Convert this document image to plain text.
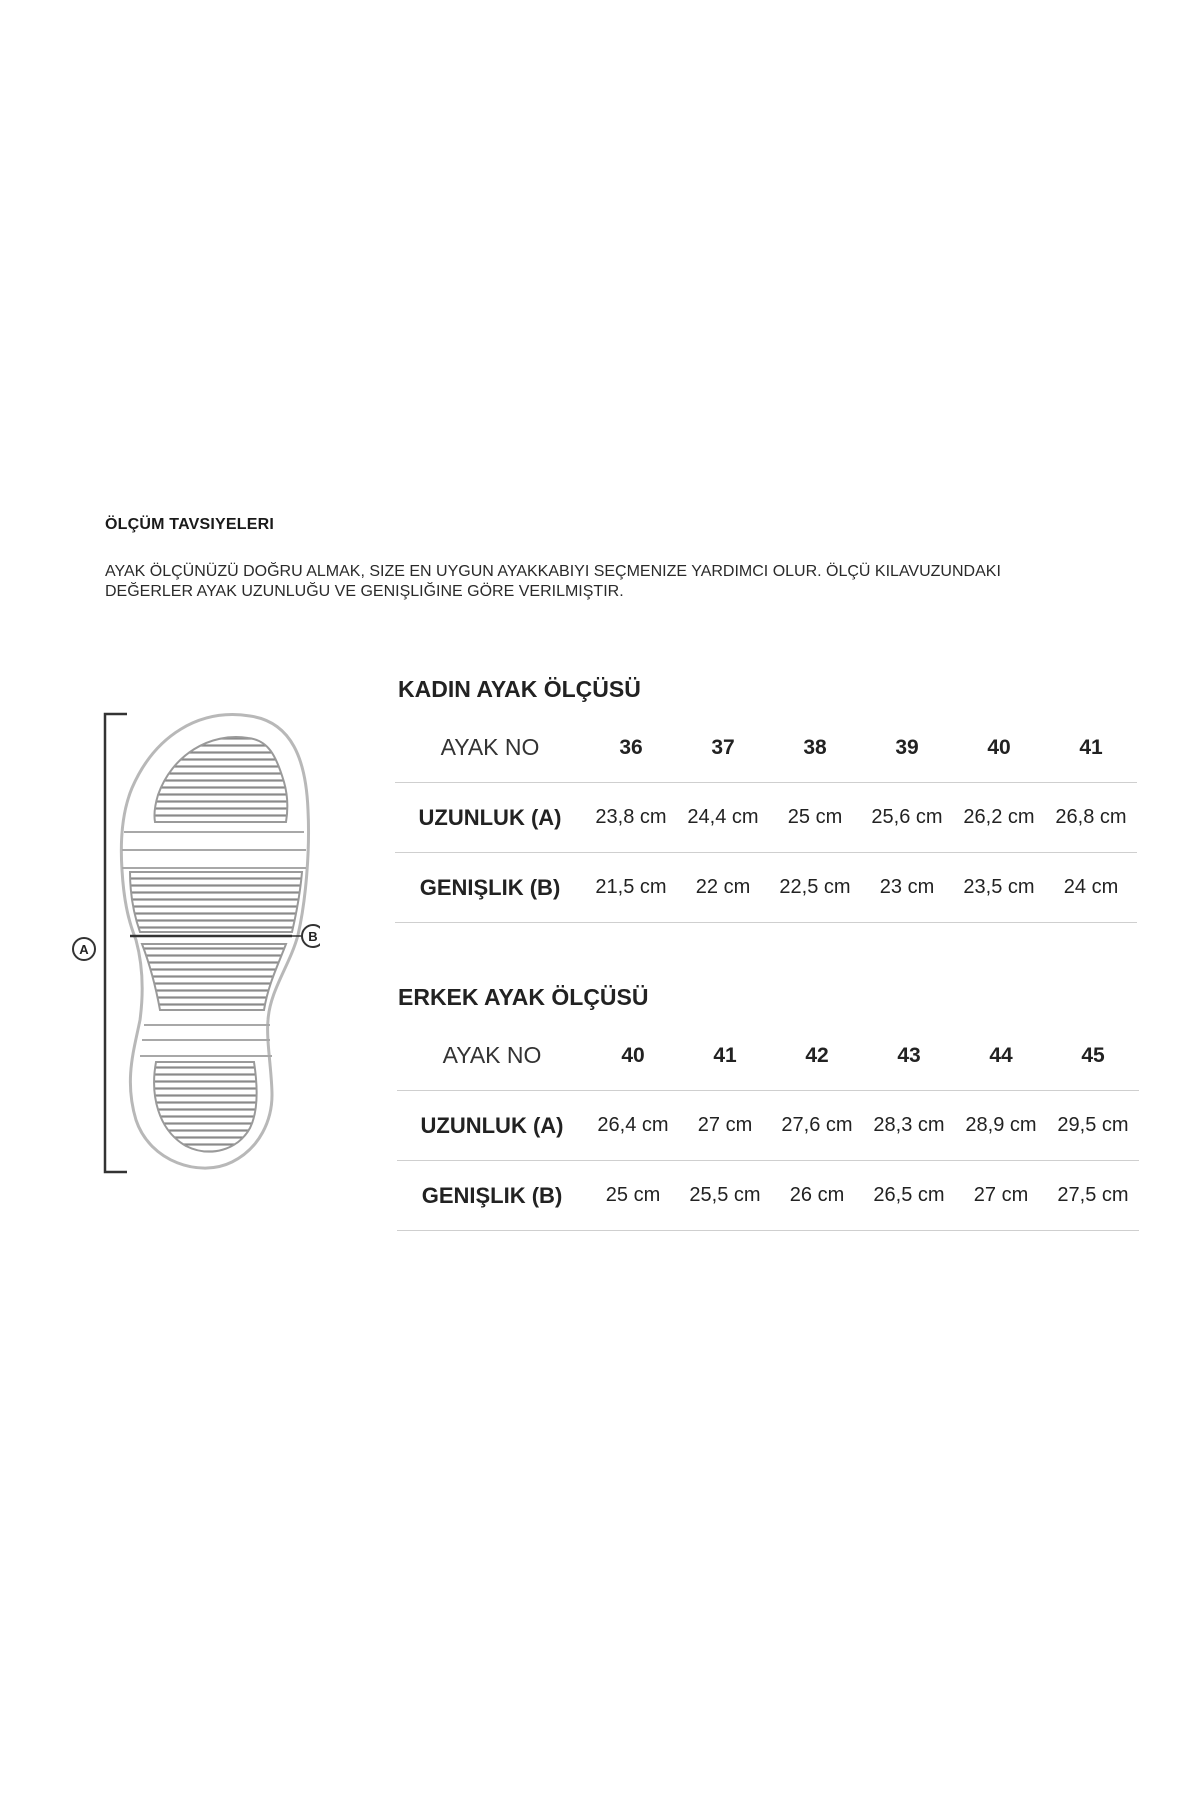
ÖLÇÜM TAVSIYELERI
AYAK ÖLÇÜNÜZÜ DOĞRU ALMAK, SIZE EN UYGUN AYAKKABIYI SEÇMENIZE YARDIMCI OLUR. ÖLÇÜ KILAVUZUNDAKI
DEĞERLER AYAK UZUNLUĞU VE GENIŞLIĞINE GÖRE VERILMIŞTIR.
A
B
KADIN AYAK ÖLÇÜSÜ
AYAK NO	36	37	38	39	40	41
UZUNLUK (A)	23,8 cm	24,4 cm	25 cm	25,6 cm	26,2 cm	26,8 cm
GENIŞLIK (B)	21,5 cm	22 cm	22,5 cm	23 cm	23,5 cm	24 cm
ERKEK AYAK ÖLÇÜSÜ
AYAK NO	40	41	42	43	44	45
UZUNLUK (A)	26,4 cm	27 cm	27,6 cm	28,3 cm	28,9 cm	29,5 cm
GENIŞLIK (B)	25 cm	25,5 cm	26 cm	26,5 cm	27 cm	27,5 cm
